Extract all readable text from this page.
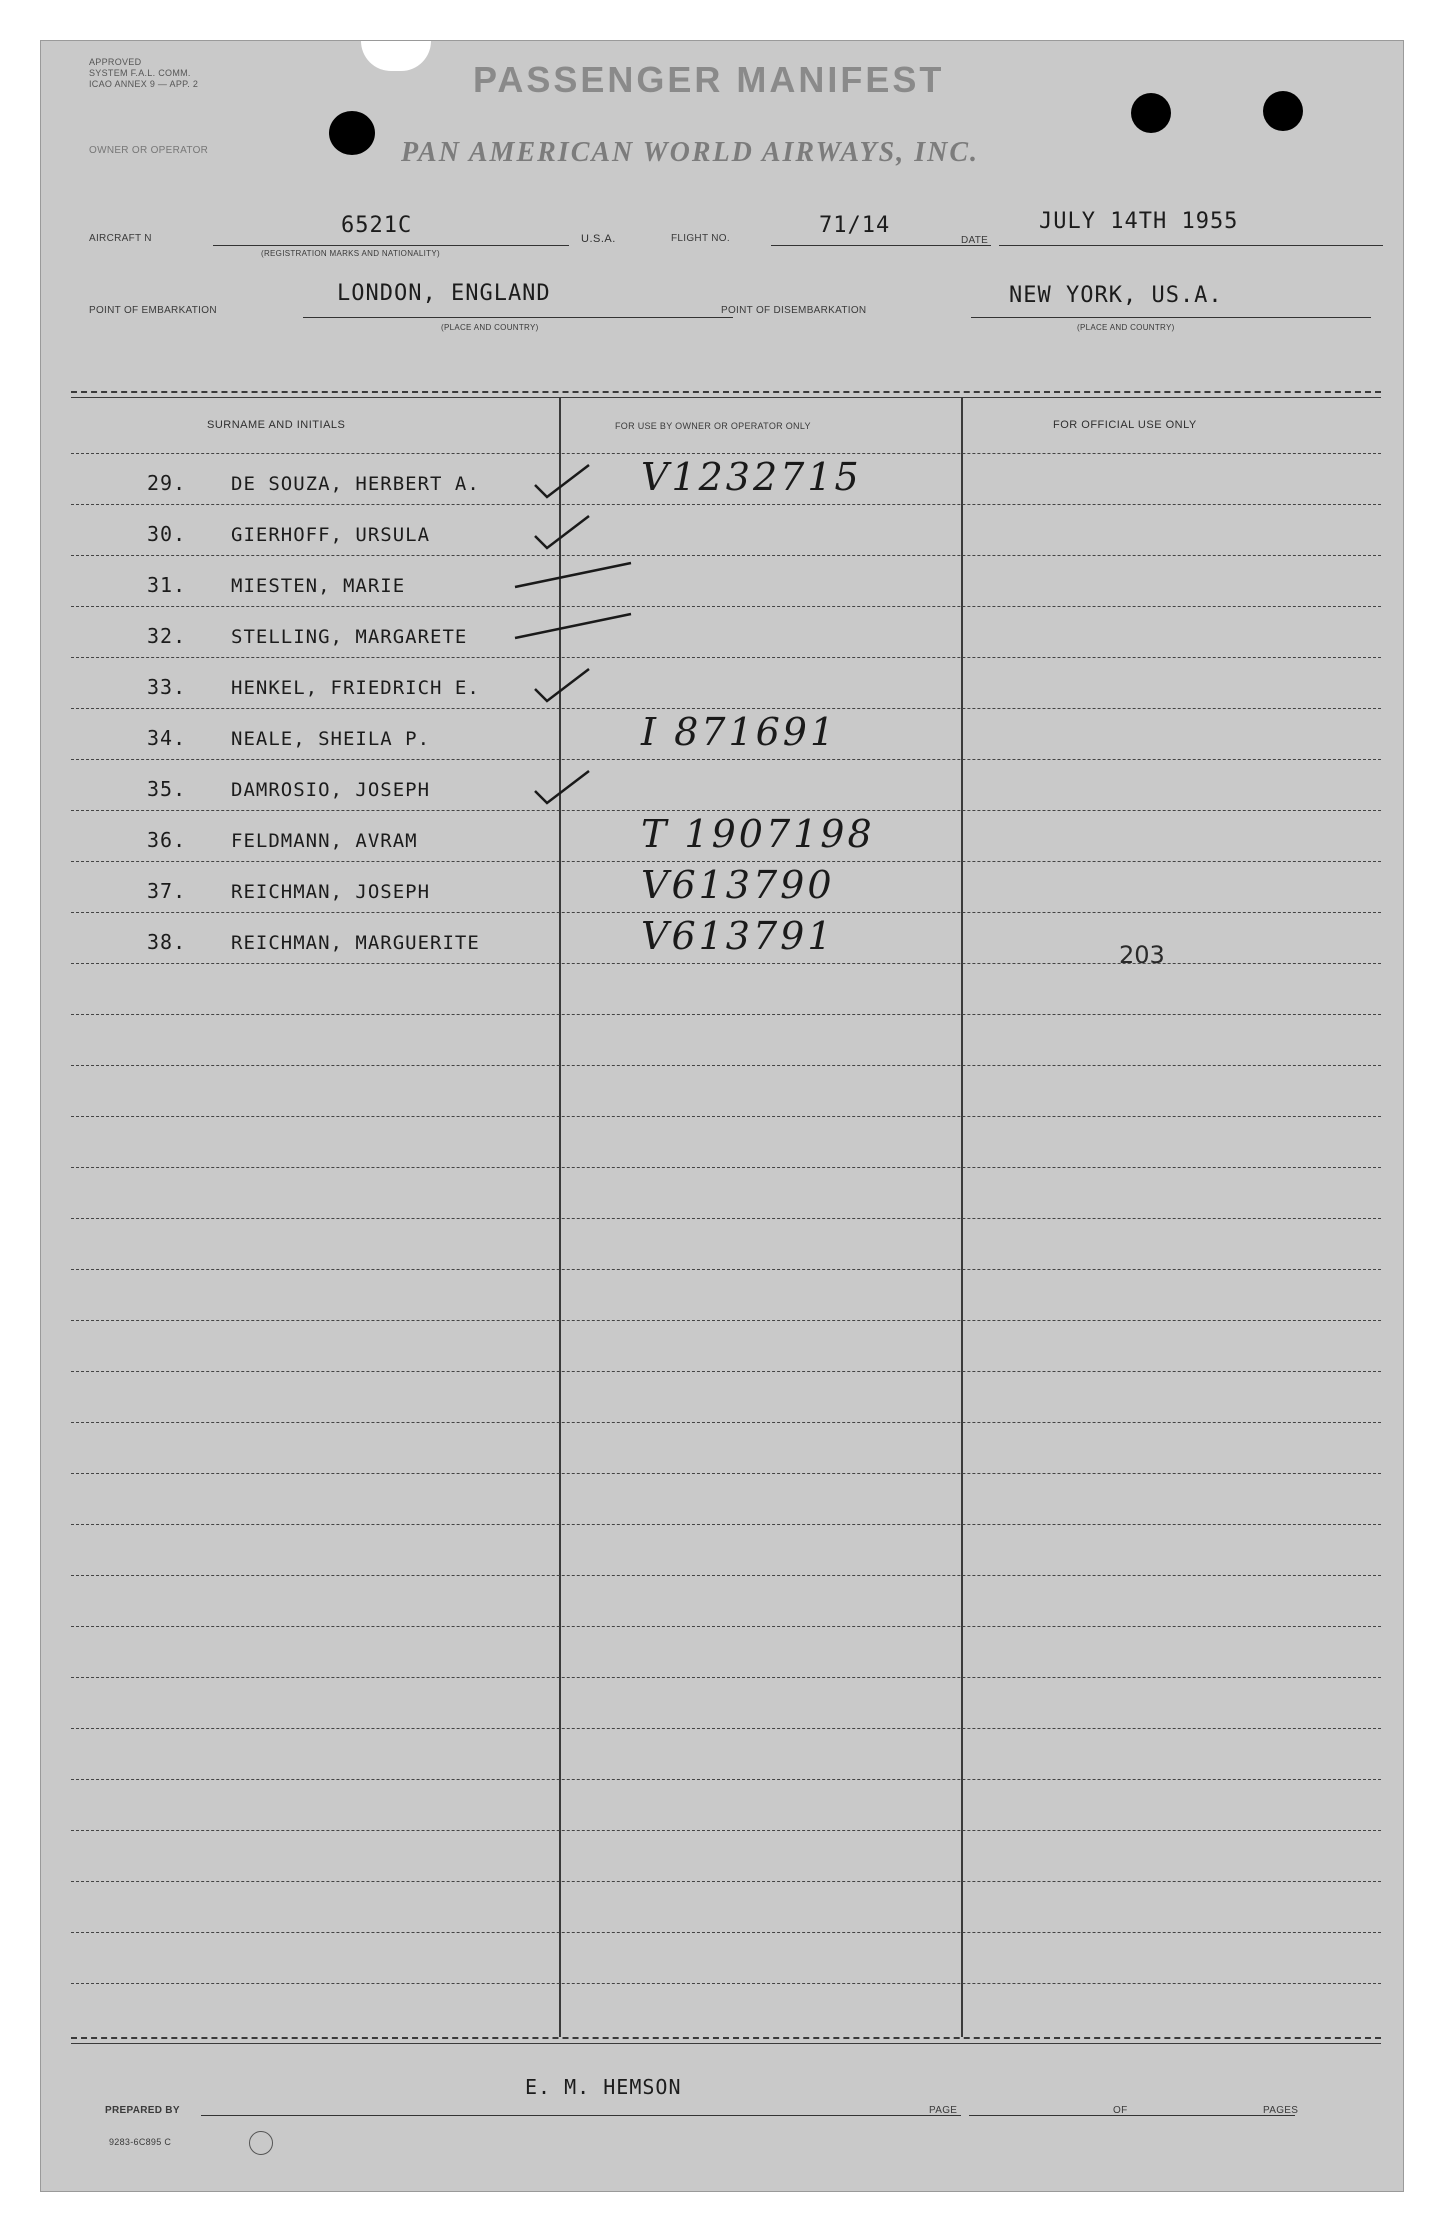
APPROVED
SYSTEM F.A.L. COMM.
ICAO ANNEX 9 — APP. 2
OWNER OR OPERATOR
PASSENGER MANIFEST
PAN AMERICAN WORLD AIRWAYS, INC.
AIRCRAFT N
6521C
(REGISTRATION MARKS AND NATIONALITY)
U.S.A.	FLIGHT NO.
71/14
DATE
JULY 14TH 1955
POINT OF EMBARKATION
LONDON, ENGLAND
(PLACE AND COUNTRY)
POINT OF DISEMBARKATION
NEW YORK, US.A.
(PLACE AND COUNTRY)
SURNAME AND INITIALS	FOR USE BY OWNER OR OPERATOR ONLY	FOR OFFICIAL USE ONLY
29. DE SOUZA, HERBERT A.	V1232715
30. GIERHOFF, URSULA
31. MIESTEN, MARIE
32. STELLING, MARGARETE
33. HENKEL, FRIEDRICH E.
34. NEALE, SHEILA P.	I 871691
35. DAMROSIO, JOSEPH
36. FELDMANN, AVRAM	T 1907198
37. REICHMAN, JOSEPH	V613790
38. REICHMAN, MARGUERITE	V613791	203
E. M. HEMSON
PREPARED BY	PAGE	OF	PAGES
9283-6C895 C
